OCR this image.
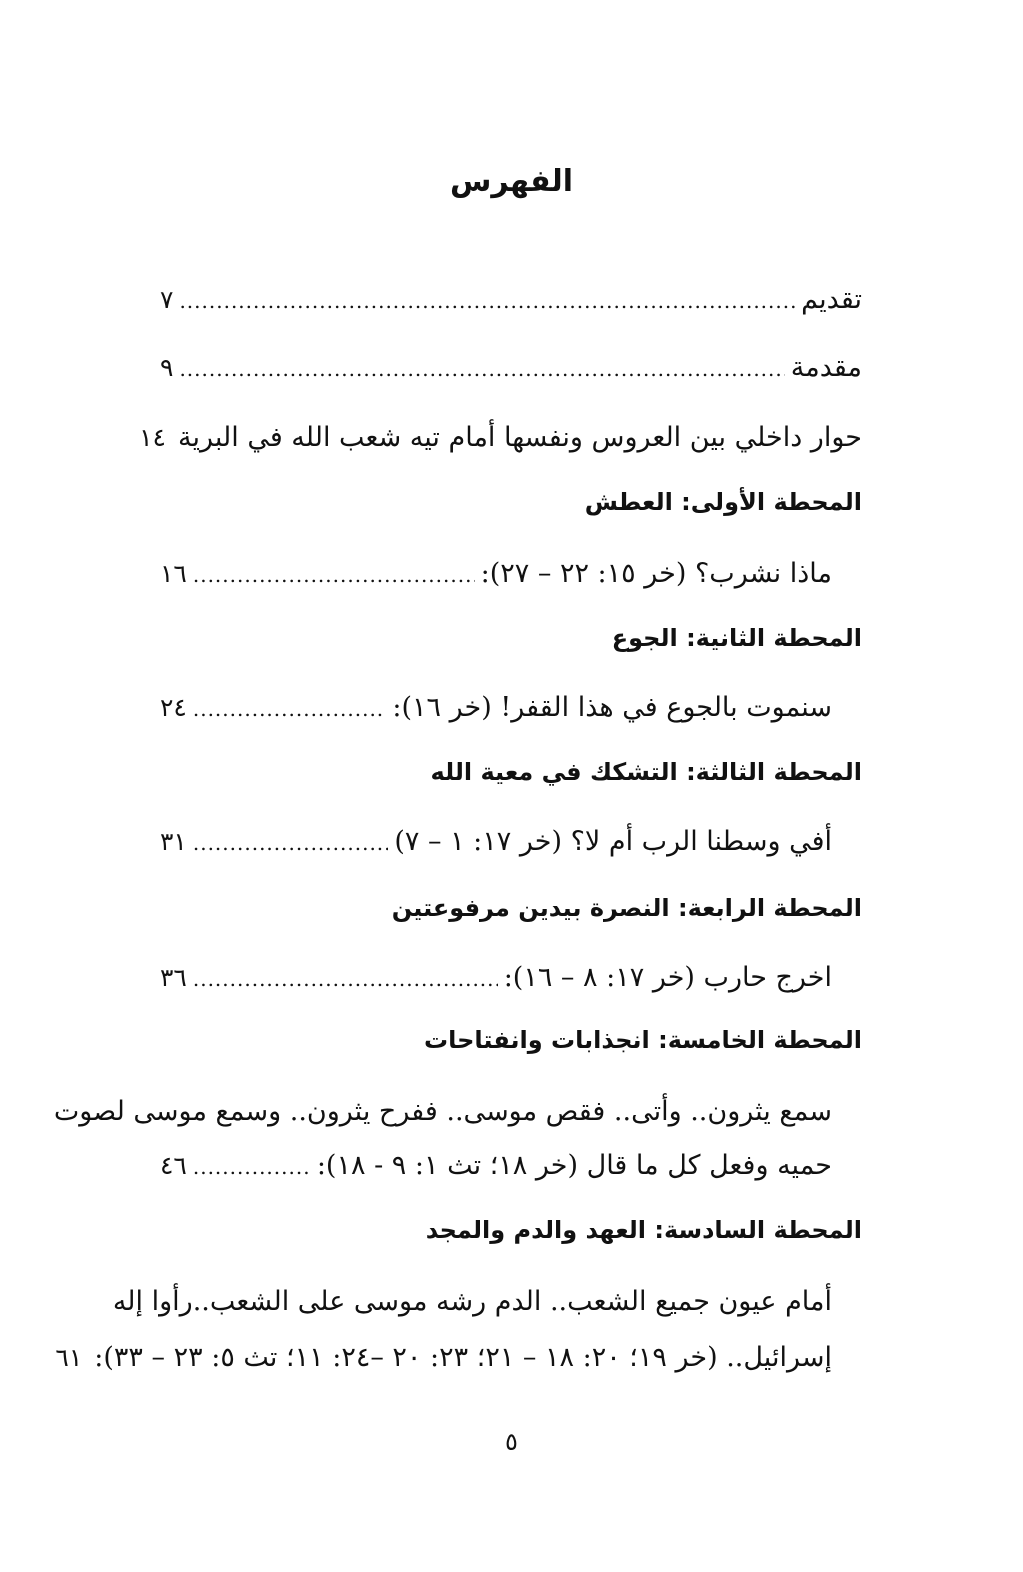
الفهرس
تقديم
.....
٧
مقدمة
.....
٩
حوار داخلي بين العروس ونفسها أمام تيه شعب الله في البرية
١٤
المحطة الأولى: العطش
ماذا نشرب؟ (خر ١٥: ٢٢ – ٢٧):
.....
١٦
المحطة الثانية: الجوع
سنموت بالجوع في هذا القفر! (خر ١٦):
.....
٢٤
المحطة الثالثة: التشكك في معية الله
أفي وسطنا الرب أم لا؟ (خر ١٧: ١ – ٧)
.....
٣١
المحطة الرابعة: النصرة بيدين مرفوعتين
اخرج حارب (خر ١٧: ٨ – ١٦):
.....
٣٦
المحطة الخامسة: انجذابات وانفتاحات
سمع يثرون.. وأتى.. فقص موسى.. ففرح يثرون.. وسمع موسى لصوت
حميه وفعل كل ما قال (خر ١٨؛ تث ١: ٩ - ١٨):
.....
٤٦
المحطة السادسة: العهد والدم والمجد
أمام عيون جميع الشعب.. الدم رشه موسى على الشعب..رأوا إله
إسرائيل.. (خر ١٩؛ ٢٠: ١٨ – ٢١؛ ٢٣: ٢٠ –٢٤: ١١؛ تث ٥: ٢٣ – ٣٣):
٦١
٥
